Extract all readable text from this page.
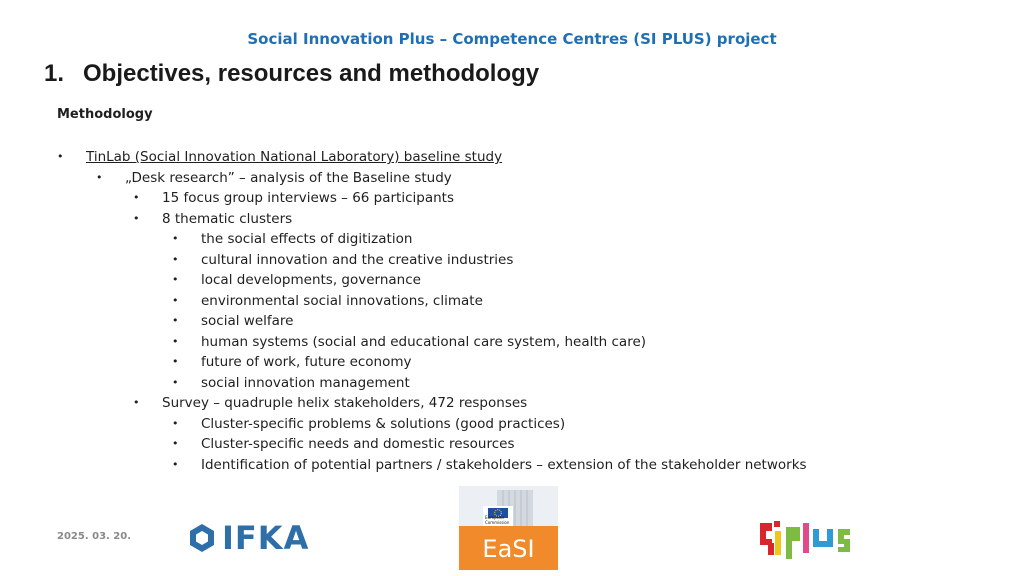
Social Innovation Plus – Competence Centres (SI PLUS) project
1. Objectives, resources and methodology
Methodology
• TinLab (Social Innovation National Laboratory) baseline study
• „Desk research” – analysis of the Baseline study
• 15 focus group interviews – 66 participants
• 8 thematic clusters
• the social effects of digitization
• cultural innovation and the creative industries
• local developments, governance
• environmental social innovations, climate
• social welfare
• human systems (social and educational care system, health care)
• future of work, future economy
• social innovation management
• Survey – quadruple helix stakeholders, 472 responses
• Cluster-specific problems & solutions (good practices)
• Cluster-specific needs and domestic resources
• Identification of potential partners / stakeholders – extension of the stakeholder networks
2025. 03. 20.	IFKA
European
Commission
EaSI
